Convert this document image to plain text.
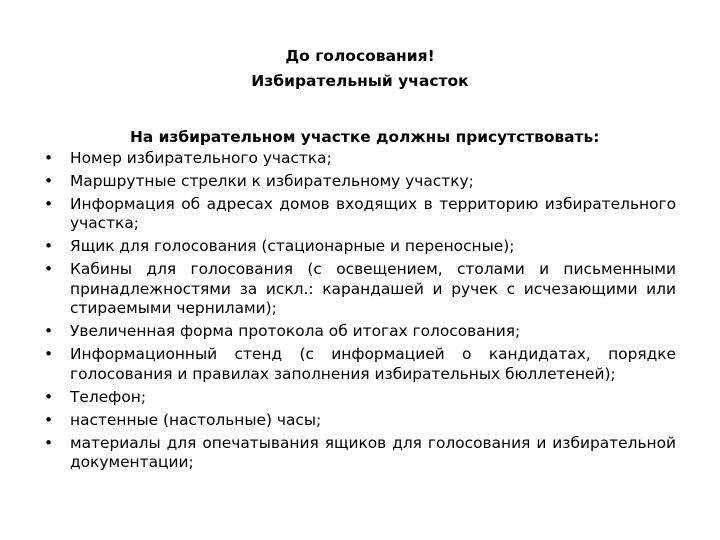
До голосования!
Избирательный участок
На избирательном участке должны присутствовать:
• Номер избирательного участка;
• Маршрутные стрелки к избирательному участку;
• Информация об адресах домов входящих в территорию избирательного участка;
• Ящик для голосования (стационарные и переносные);
• Кабины для голосования (с освещением, столами и письменными принадлежностями за искл.: карандашей и ручек с исчезающими или стираемыми чернилами);
• Увеличенная форма протокола об итогах голосования;
• Информационный стенд (с информацией о кандидатах, порядке голосования и правилах заполнения избирательных бюллетеней);
• Телефон;
• настенные (настольные) часы;
• материалы для опечатывания ящиков для голосования и избирательной документации;
